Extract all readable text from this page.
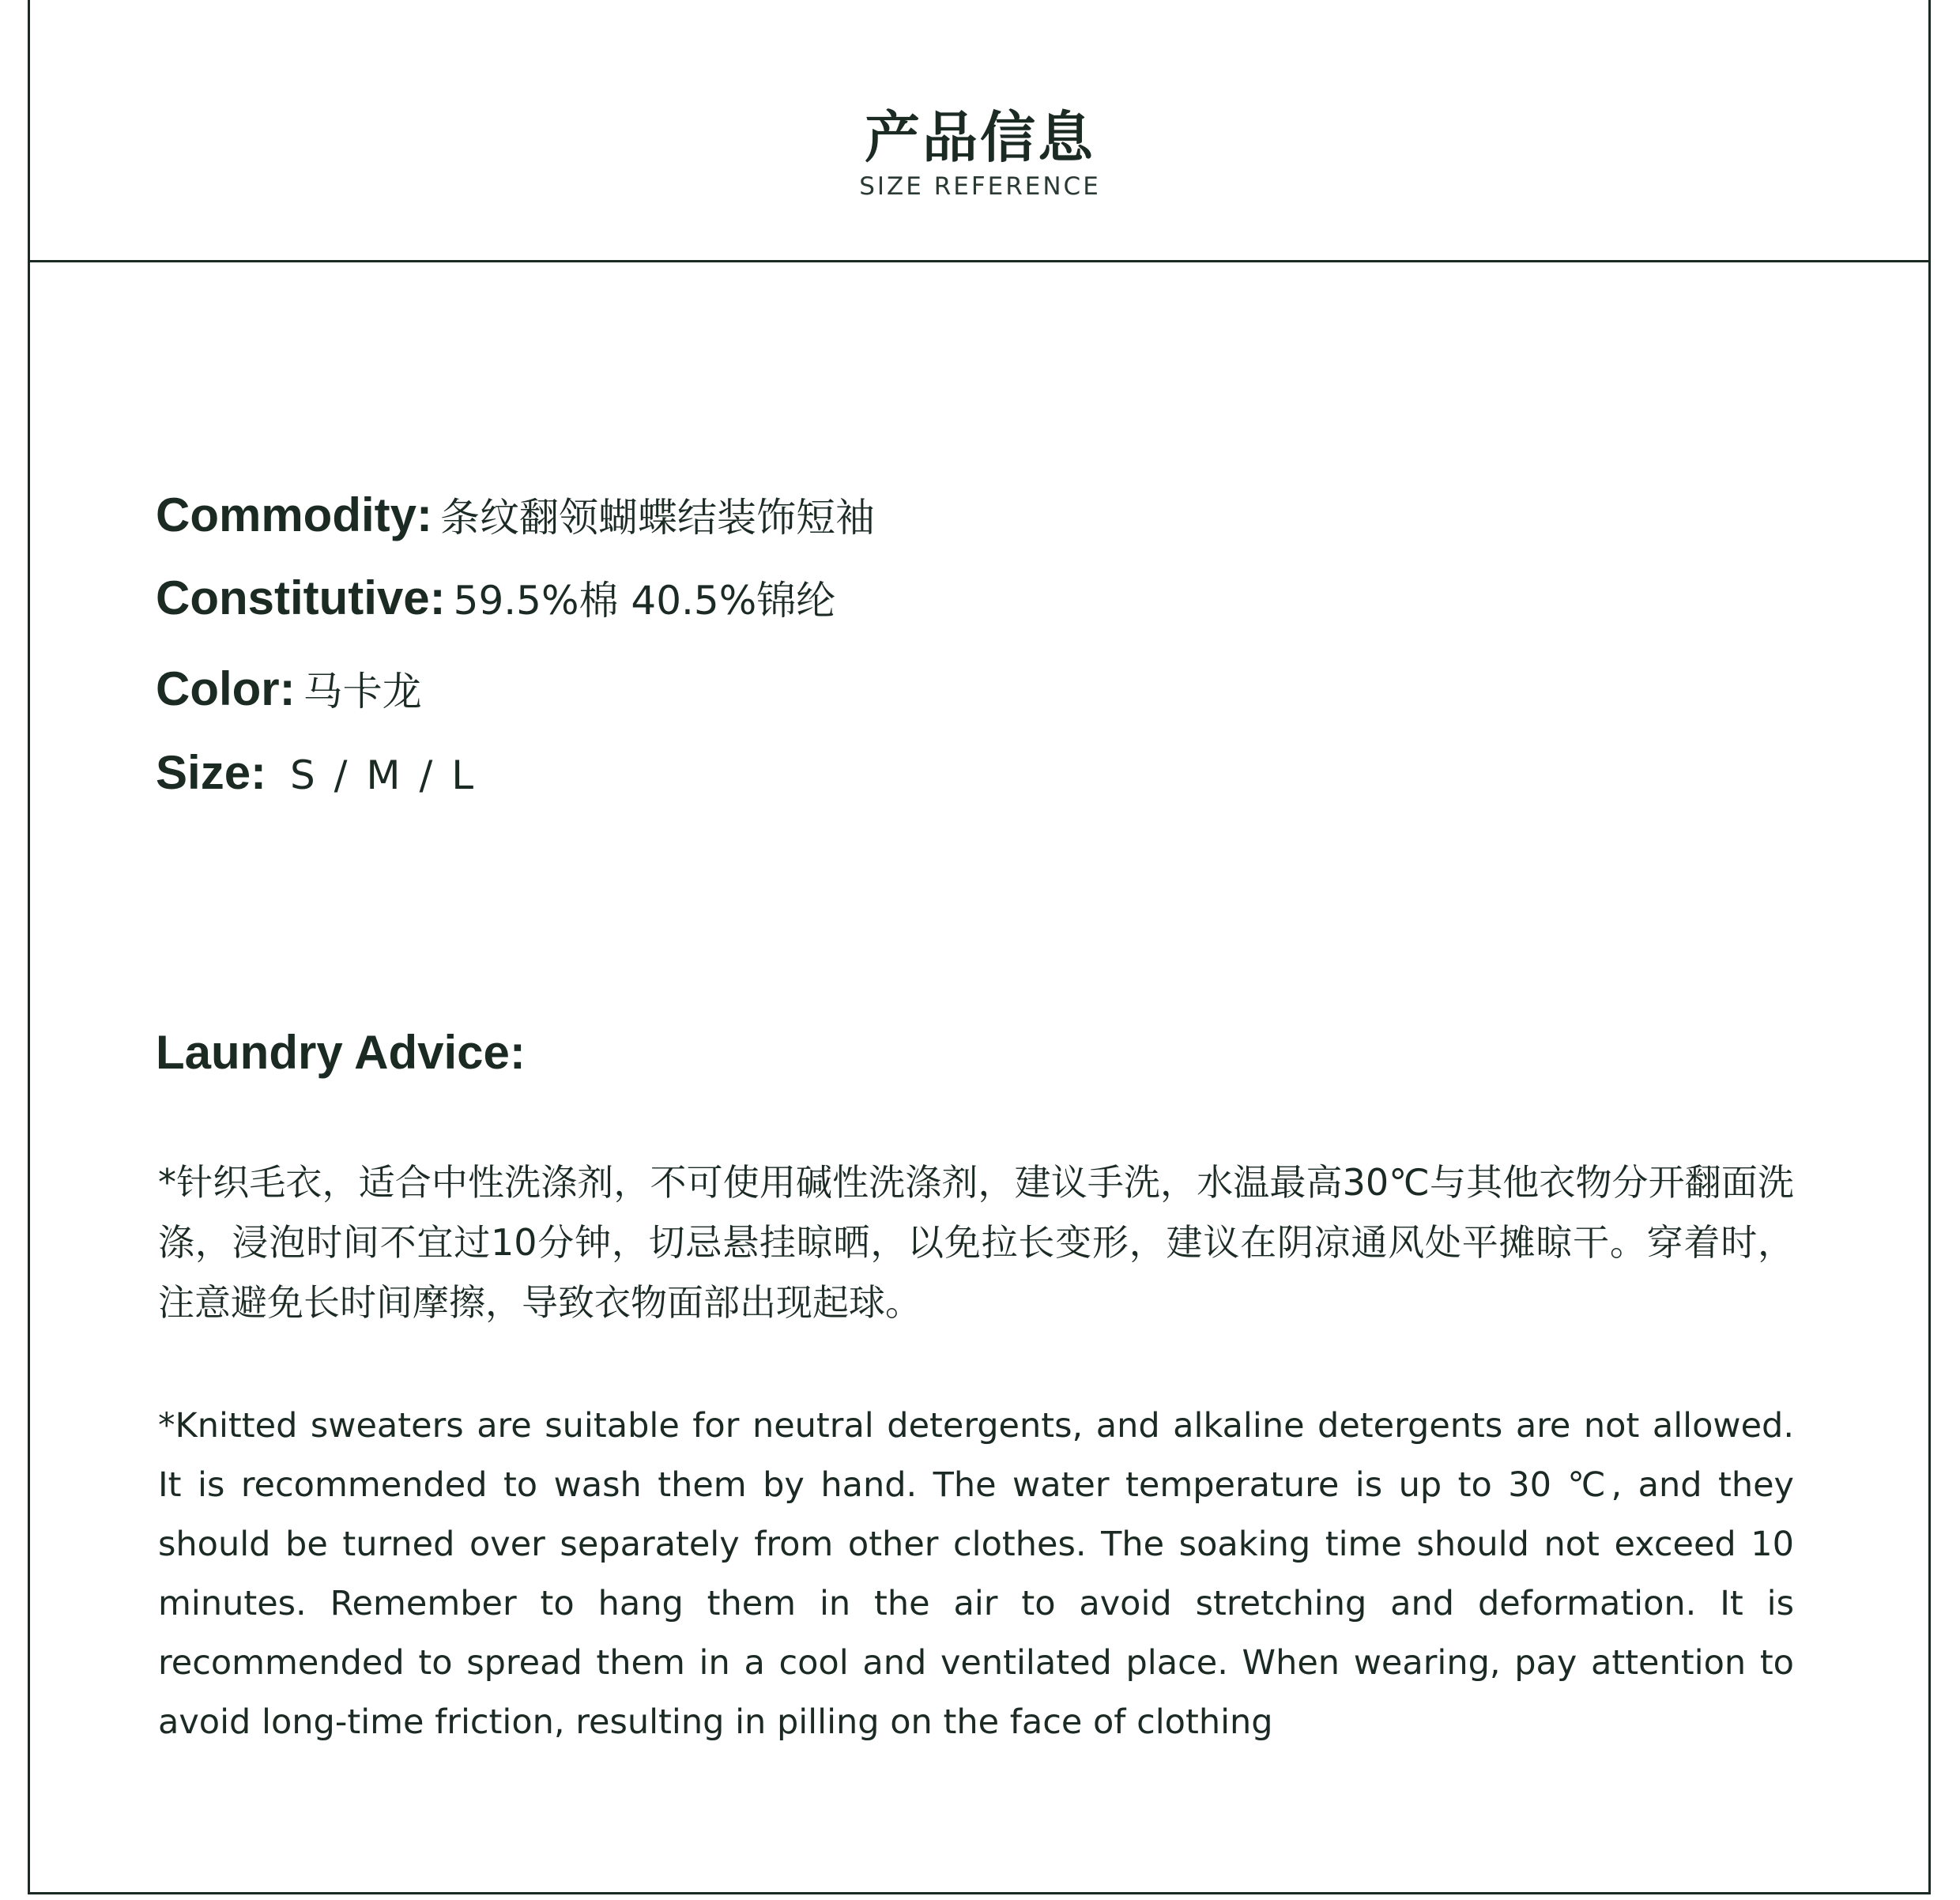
产品信息
SIZE REFERENCE
Commodity: 条纹翻领蝴蝶结装饰短袖
Constitutive: 59.5%棉 40.5%锦纶
Color: 马卡龙
Size: S / M / L
Laundry Advice:

*针织毛衣，适合中性洗涤剂，不可使用碱性洗涤剂，建议手洗，水温最高30℃与其他衣物分开翻面洗涤，浸泡时间不宜过10分钟，切忌悬挂晾晒，以免拉长变形，建议在阴凉通风处平摊晾干。穿着时，注意避免长时间摩擦，导致衣物面部出现起球。

*Knitted sweaters are suitable for neutral detergents, and alkaline detergents are not allowed. It is recommended to wash them by hand. The water temperature is up to 30 ℃, and they should be turned over separately from other clothes. The soaking time should not exceed 10 minutes. Remember to hang them in the air to avoid stretching and deformation. It is recommended to spread them in a cool and ventilated place. When wearing, pay attention to avoid long-time friction, resulting in pilling on the face of clothing
